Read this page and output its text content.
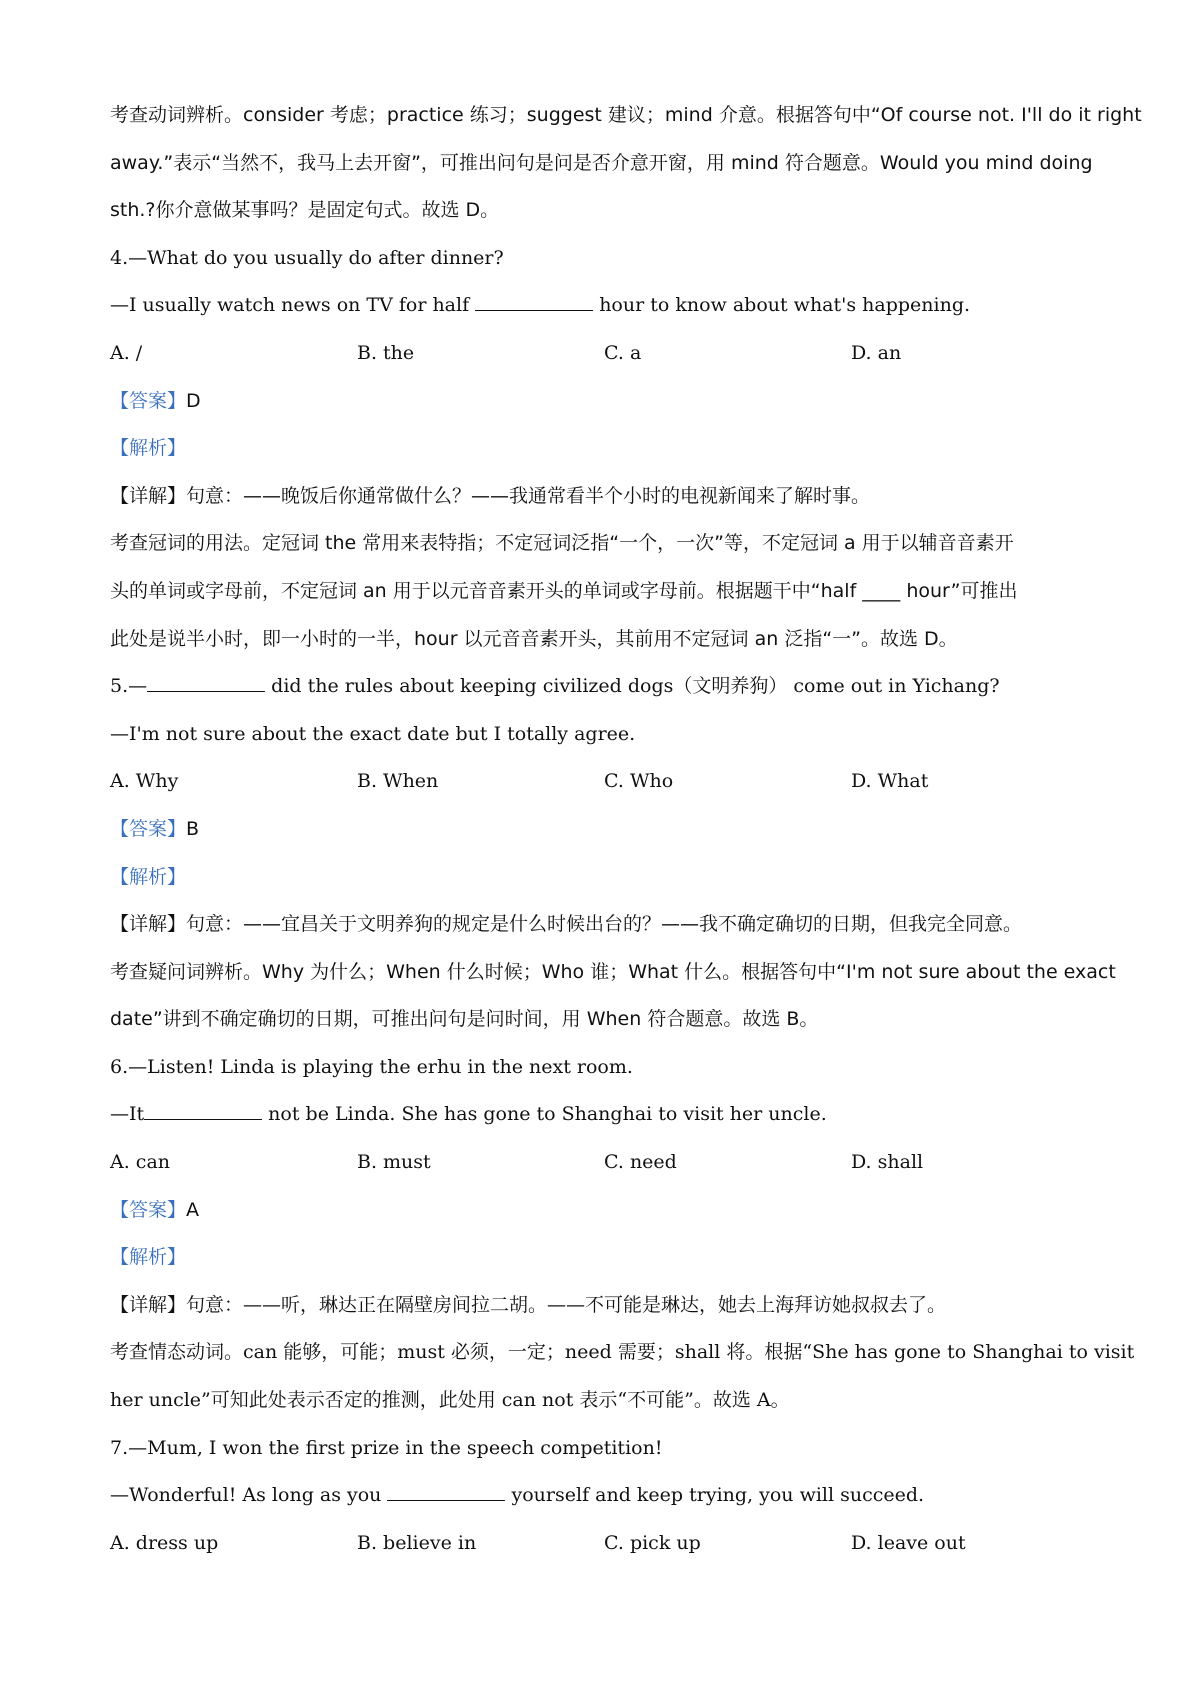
考查动词辨析。consider 考虑；practice 练习；suggest 建议；mind 介意。根据答句中“Of course not. I'll do it right
away.”表示“当然不，我马上去开窗”，可推出问句是问是否介意开窗，用 mind 符合题意。Would you mind doing
sth.?你介意做某事吗？是固定句式。故选 D。
4.—What do you usually do after dinner?
—I usually watch news on TV for half	hour to know about what's happening.
A. /	B. the	C. a	D. an
【答案】D
【解析】
【详解】句意：——晚饭后你通常做什么？——我通常看半个小时的电视新闻来了解时事。
考查冠词的用法。定冠词 the 常用来表特指；不定冠词泛指“一个，一次”等，不定冠词 a 用于以辅音音素开
头的单词或字母前，不定冠词 an 用于以元音音素开头的单词或字母前。根据题干中“half ____ hour”可推出
此处是说半小时，即一小时的一半，hour 以元音音素开头，其前用不定冠词 an 泛指“一”。故选 D。
5.—	did the rules about keeping civilized dogs（文明养狗） come out in Yichang?
—I'm not sure about the exact date but I totally agree.
A. Why	B. When	C. Who	D. What
【答案】B
【解析】
【详解】句意：——宜昌关于文明养狗的规定是什么时候出台的？——我不确定确切的日期，但我完全同意。
考查疑问词辨析。Why 为什么；When 什么时候；Who 谁；What 什么。根据答句中“I'm not sure about the exact
date”讲到不确定确切的日期，可推出问句是问时间，用 When 符合题意。故选 B。
6.—Listen! Linda is playing the erhu in the next room.
—It	not be Linda. She has gone to Shanghai to visit her uncle.
A. can	B. must	C. need	D. shall
【答案】A
【解析】
【详解】句意：——听，琳达正在隔壁房间拉二胡。——不可能是琳达，她去上海拜访她叔叔去了。
考查情态动词。can 能够，可能；must 必须，一定；need 需要；shall 将。根据“She has gone to Shanghai to visit
her uncle”可知此处表示否定的推测，此处用 can not 表示“不可能”。故选 A。
7.—Mum, I won the first prize in the speech competition!
—Wonderful! As long as you	yourself and keep trying, you will succeed.
A. dress up	B. believe in	C. pick up	D. leave out
